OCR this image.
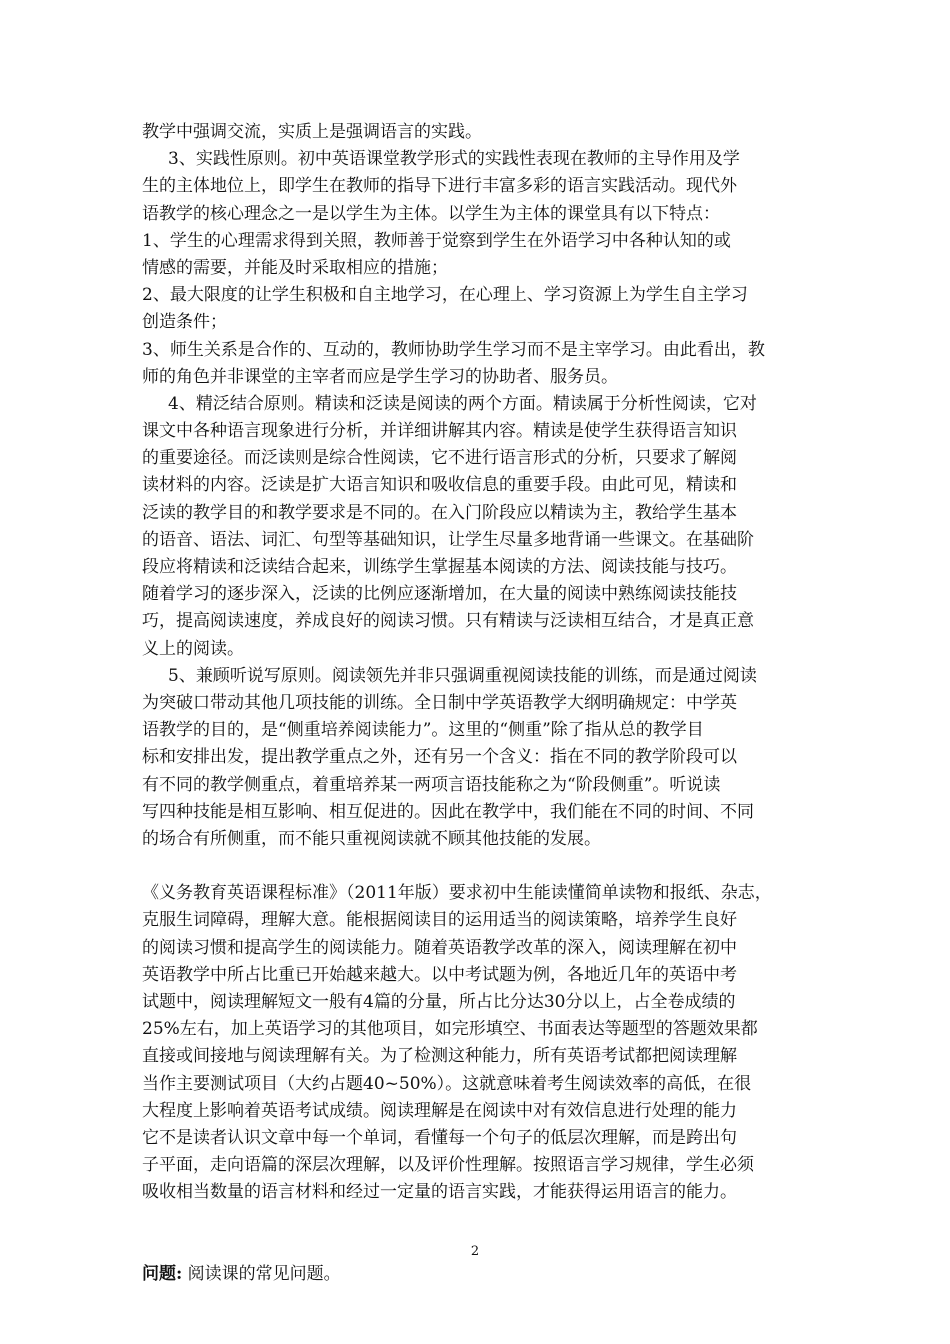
教学中强调交流，实质上是强调语言的实践。
3、实践性原则。初中英语课堂教学形式的实践性表现在教师的主导作用及学
生的主体地位上，即学生在教师的指导下进行丰富多彩的语言实践活动。现代外
语教学的核心理念之一是以学生为主体。以学生为主体的课堂具有以下特点：
1、学生的心理需求得到关照，教师善于觉察到学生在外语学习中各种认知的或
情感的需要，并能及时采取相应的措施；
2、最大限度的让学生积极和自主地学习，在心理上、学习资源上为学生自主学习
创造条件；
3、师生关系是合作的、互动的，教师协助学生学习而不是主宰学习。由此看出，教
师的角色并非课堂的主宰者而应是学生学习的协助者、服务员。
4、精泛结合原则。精读和泛读是阅读的两个方面。精读属于分析性阅读，它对
课文中各种语言现象进行分析，并详细讲解其内容。精读是使学生获得语言知识
的重要途径。而泛读则是综合性阅读，它不进行语言形式的分析，只要求了解阅
读材料的内容。泛读是扩大语言知识和吸收信息的重要手段。由此可见，精读和
泛读的教学目的和教学要求是不同的。在入门阶段应以精读为主，教给学生基本
的语音、语法、词汇、句型等基础知识，让学生尽量多地背诵一些课文。在基础阶
段应将精读和泛读结合起来，训练学生掌握基本阅读的方法、阅读技能与技巧。
随着学习的逐步深入，泛读的比例应逐渐增加，在大量的阅读中熟练阅读技能技
巧，提高阅读速度，养成良好的阅读习惯。只有精读与泛读相互结合，才是真正意
义上的阅读。
5、兼顾听说写原则。阅读领先并非只强调重视阅读技能的训练，而是通过阅读
为突破口带动其他几项技能的训练。全日制中学英语教学大纲明确规定：中学英
语教学的目的，是“侧重培养阅读能力”。这里的“侧重”除了指从总的教学目
标和安排出发，提出教学重点之外，还有另一个含义：指在不同的教学阶段可以
有不同的教学侧重点，着重培养某一两项言语技能称之为“阶段侧重”。听说读
写四种技能是相互影响、相互促进的。因此在教学中，我们能在不同的时间、不同
的场合有所侧重，而不能只重视阅读就不顾其他技能的发展。
《义务教育英语课程标准》（2011年版）要求初中生能读懂简单读物和报纸、杂志，
克服生词障碍，理解大意。能根据阅读目的运用适当的阅读策略，培养学生良好
的阅读习惯和提高学生的阅读能力。随着英语教学改革的深入，阅读理解在初中
英语教学中所占比重已开始越来越大。以中考试题为例，各地近几年的英语中考
试题中，阅读理解短文一般有4篇的分量，所占比分达30分以上，占全卷成绩的
25%左右，加上英语学习的其他项目，如完形填空、书面表达等题型的答题效果都
直接或间接地与阅读理解有关。为了检测这种能力，所有英语考试都把阅读理解
当作主要测试项目（大约占题40~50%）。这就意味着考生阅读效率的高低，在很
大程度上影响着英语考试成绩。阅读理解是在阅读中对有效信息进行处理的能力
它不是读者认识文章中每一个单词，看懂每一个句子的低层次理解，而是跨出句
子平面，走向语篇的深层次理解，以及评价性理解。按照语言学习规律，学生必须
吸收相当数量的语言材料和经过一定量的语言实践，才能获得运用语言的能力。
问题: 阅读课的常见问题。
2
